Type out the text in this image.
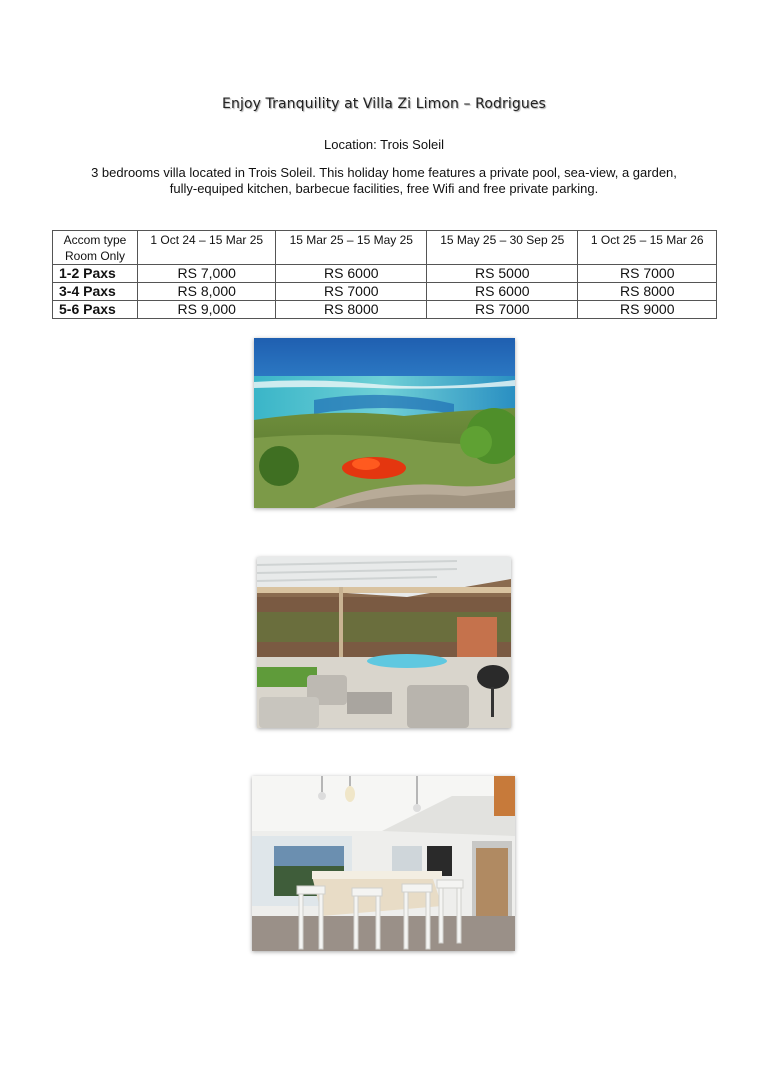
Enjoy Tranquility at Villa Zi Limon – Rodrigues
Location: Trois Soleil
3 bedrooms villa located in Trois Soleil. This holiday home features a private pool, sea-view, a garden, fully-equiped kitchen, barbecue facilities, free Wifi and free private parking.
Accom type
Room Only	1 Oct 24 – 15 Mar 25	15 Mar 25 – 15 May 25	15 May 25 – 30 Sep 25	1 Oct 25 – 15 Mar 26
1-2 Paxs	RS 7,000	RS 6000	RS 5000	RS 7000
3-4 Paxs	RS 8,000	RS 7000	RS 6000	RS 8000
5-6 Paxs	RS 9,000	RS 8000	RS 7000	RS 9000
